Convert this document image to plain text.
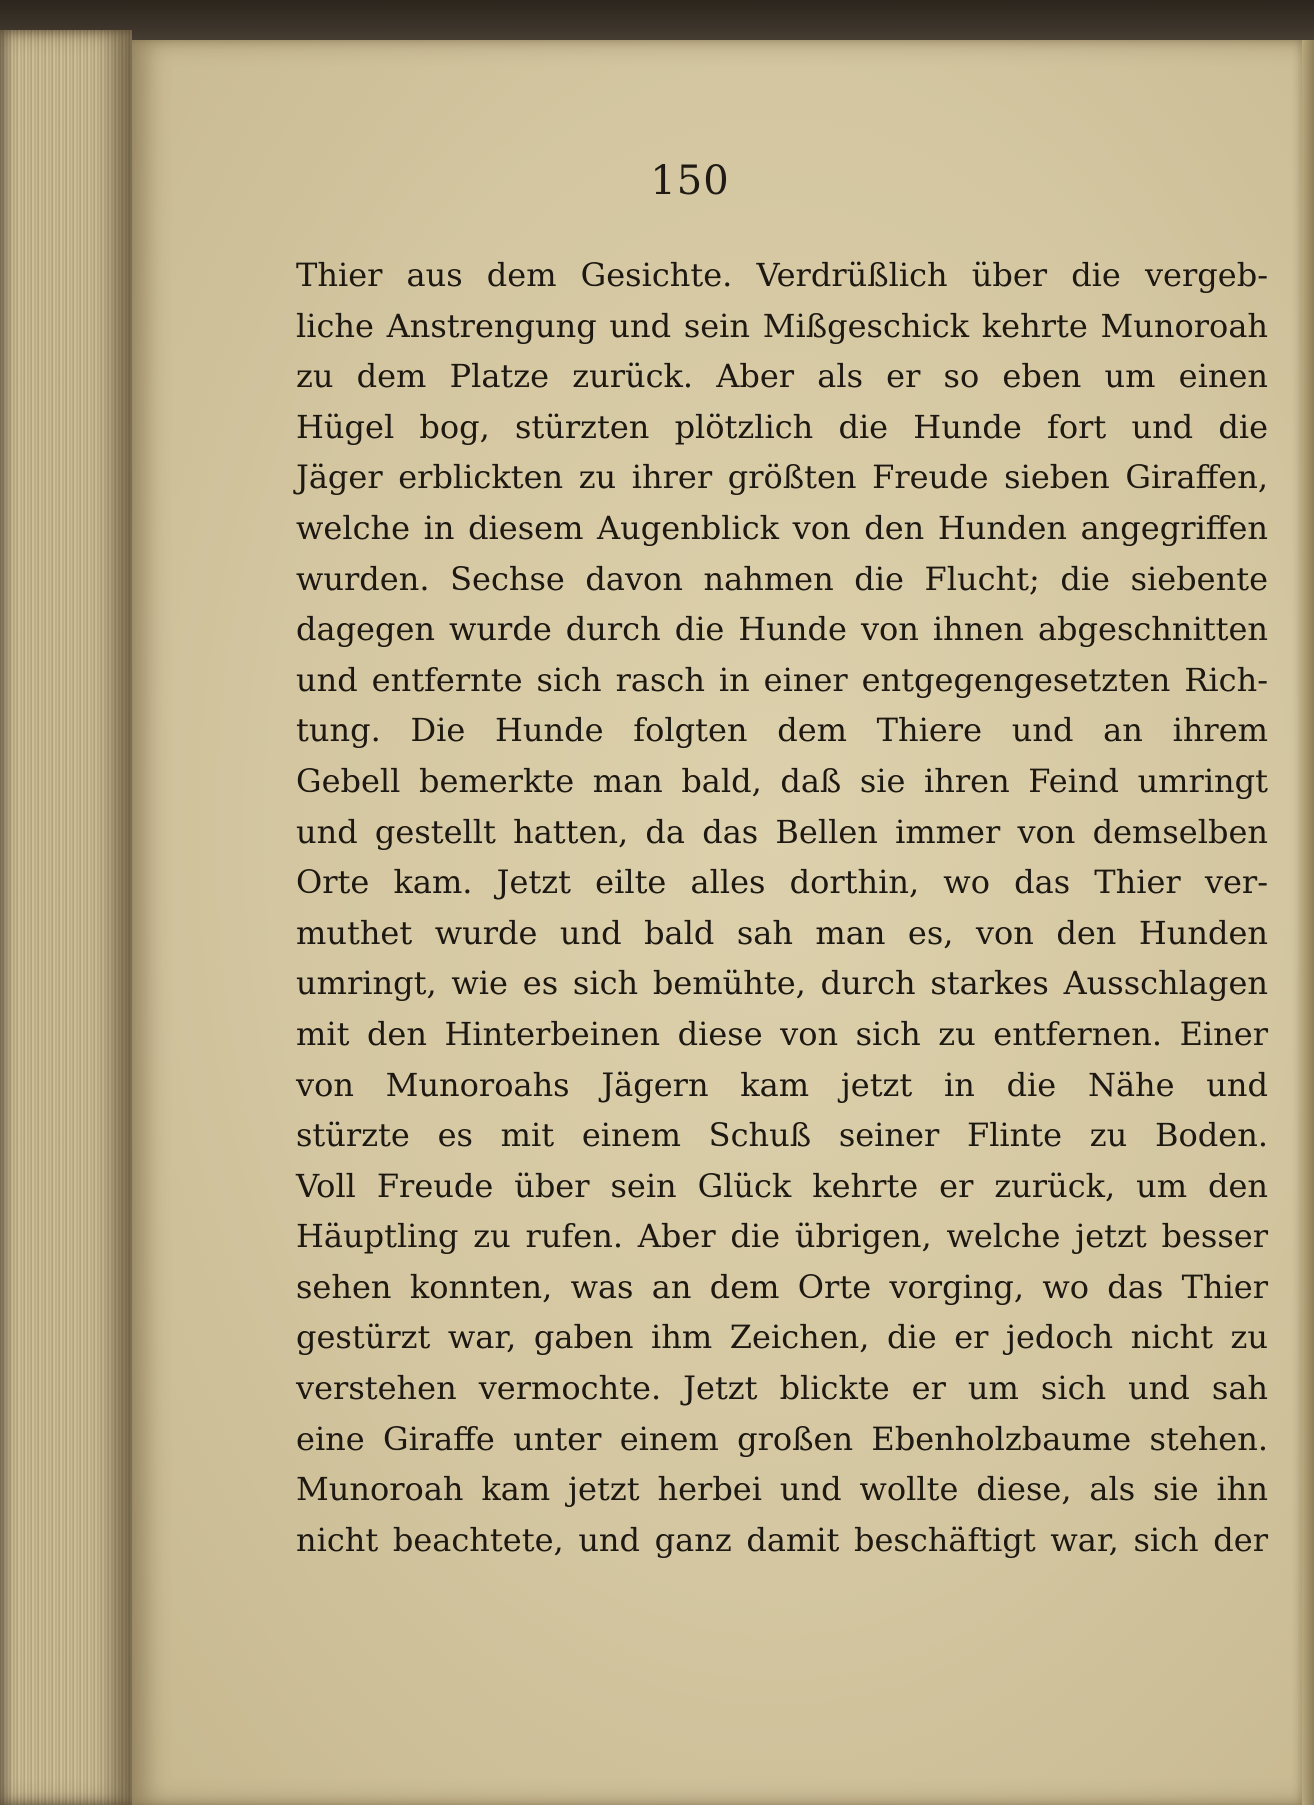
150
Thier aus dem Gesichte. Verdrüßlich über die vergeb-
liche Anstrengung und sein Mißgeschick kehrte Munoroah
zu dem Platze zurück. Aber als er so eben um einen
Hügel bog, stürzten plötzlich die Hunde fort und die
Jäger erblickten zu ihrer größten Freude sieben Giraffen,
welche in diesem Augenblick von den Hunden angegriffen
wurden. Sechse davon nahmen die Flucht; die siebente
dagegen wurde durch die Hunde von ihnen abgeschnitten
und entfernte sich rasch in einer entgegengesetzten Rich-
tung. Die Hunde folgten dem Thiere und an ihrem
Gebell bemerkte man bald, daß sie ihren Feind umringt
und gestellt hatten, da das Bellen immer von demselben
Orte kam. Jetzt eilte alles dorthin, wo das Thier ver-
muthet wurde und bald sah man es, von den Hunden
umringt, wie es sich bemühte, durch starkes Ausschlagen
mit den Hinterbeinen diese von sich zu entfernen. Einer
von Munoroahs Jägern kam jetzt in die Nähe und
stürzte es mit einem Schuß seiner Flinte zu Boden.
Voll Freude über sein Glück kehrte er zurück, um den
Häuptling zu rufen. Aber die übrigen, welche jetzt besser
sehen konnten, was an dem Orte vorging, wo das Thier
gestürzt war, gaben ihm Zeichen, die er jedoch nicht zu
verstehen vermochte. Jetzt blickte er um sich und sah
eine Giraffe unter einem großen Ebenholzbaume stehen.
Munoroah kam jetzt herbei und wollte diese, als sie ihn
nicht beachtete, und ganz damit beschäftigt war, sich der
